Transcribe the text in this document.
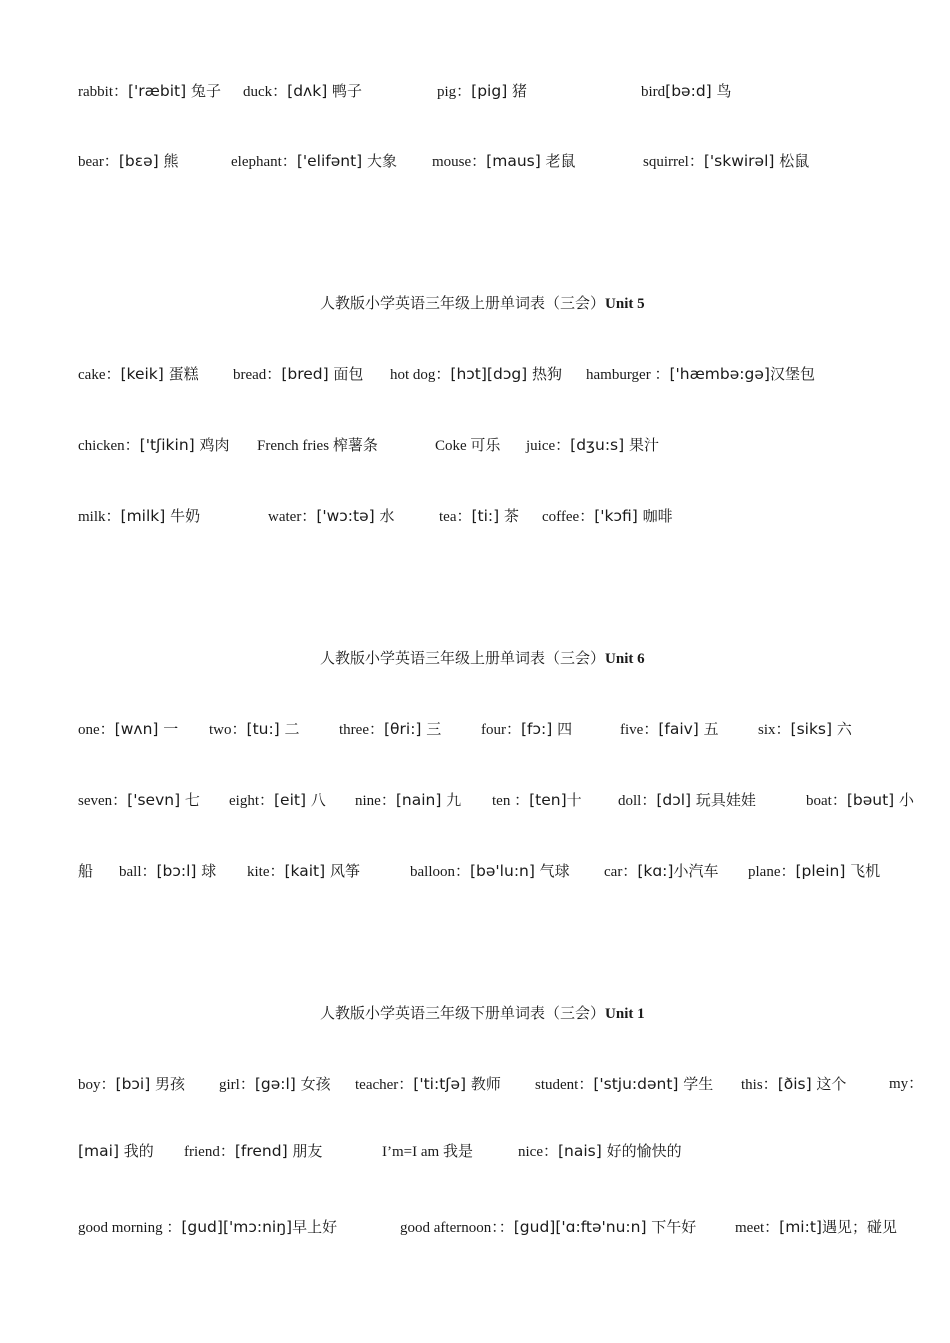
rabbit：['ræbit] 兔子 duck：[dʌk] 鸭子	pig：[pig] 猪	bird[bə:d] 鸟
bear：[bɛə] 熊	elephant：['elifənt] 大象 mouse：[maus] 老鼠	squirrel：['skwirəl] 松鼠
人教版小学英语三年级上册单词表（三会）Unit 5
cake：[keik] 蛋糕 bread：[bred] 面包 hot dog：[hɔt][dɔg] 热狗 hamburger ：['hæmbə:gə]汉堡包
chicken：['tʃikin] 鸡肉 French fries 榨薯条	Coke 可乐 juice：[dʒu:s] 果汁
milk：[milk] 牛奶	water：['wɔ:tə] 水	tea：[ti:] 茶 coffee：['kɔfi] 咖啡
人教版小学英语三年级上册单词表（三会）Unit 6
one：[wʌn] 一 two：[tu:] 二	three：[θri:] 三	four：[fɔ:] 四	five：[faiv] 五	six：[siks] 六
seven：['sevn] 七 eight：[eit] 八 nine：[nain] 九 ten ：[ten]十 doll：[dɔl] 玩具娃娃	boat：[bəut] 小
船 ball：[bɔ:l] 球 kite：[kait] 风筝	balloon：[bə'lu:n] 气球 car：[kɑ:]小汽车 plane：[plein] 飞机
人教版小学英语三年级下册单词表（三会）Unit 1
boy：[bɔi] 男孩 girl：[gə:l] 女孩 teacher：['ti:tʃə] 教师 student：['stju:dənt] 学生 this：[ðis] 这个	my：
[mai] 我的 friend：[frend] 朋友	I’m=I am 我是	nice：[nais] 好的愉快的
good morning ：[gud]['mɔ:niŋ]早上好	good afternoon：：[gud]['ɑ:ftə'nu:n] 下午好	meet：[mi:t]遇见；碰见
